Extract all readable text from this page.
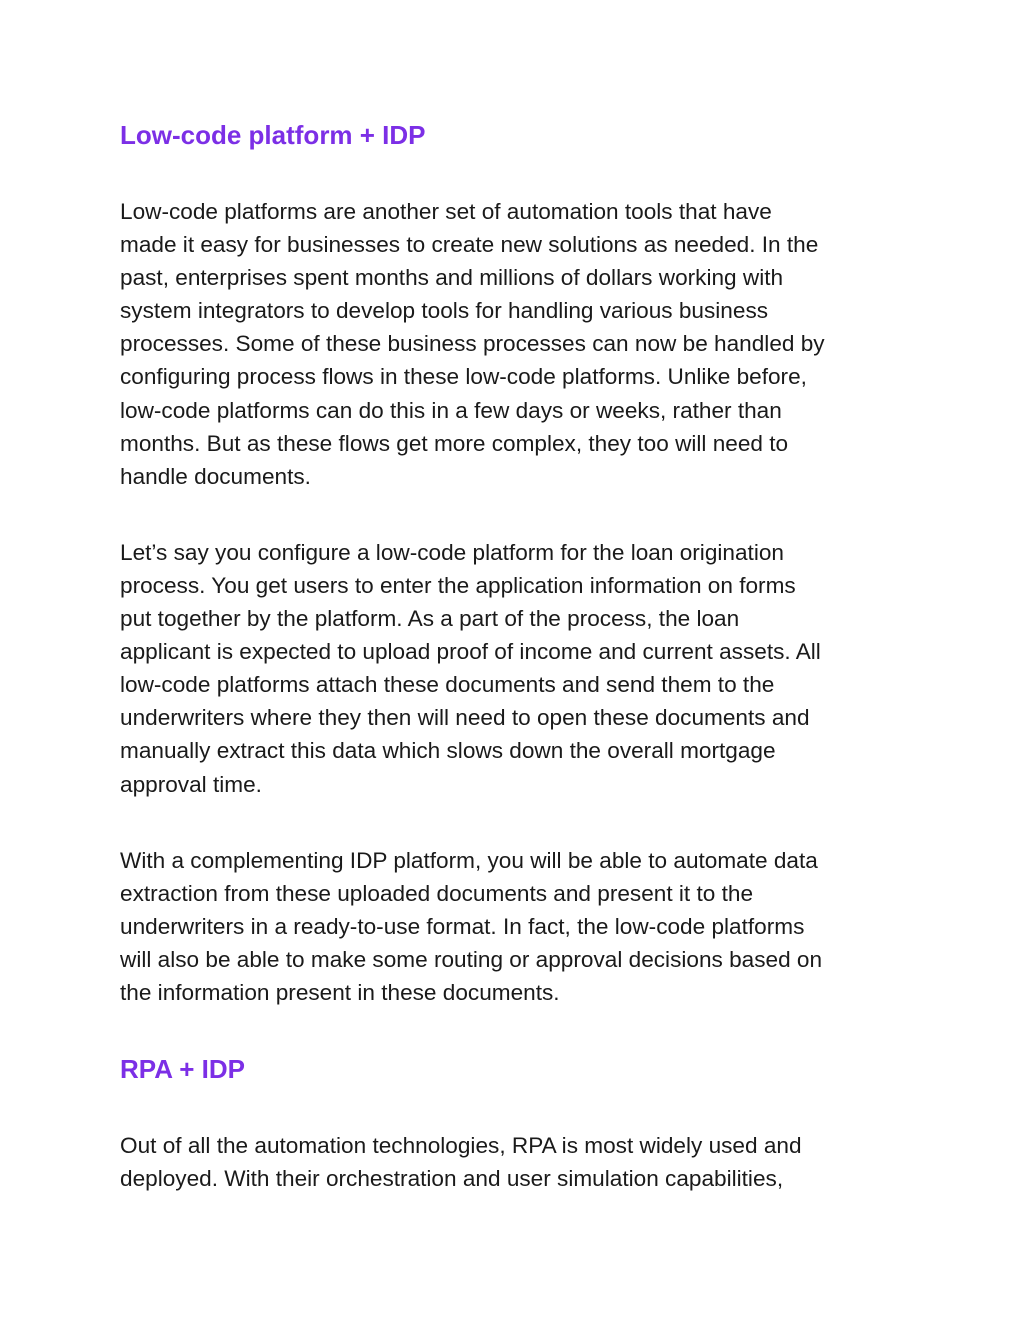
Low-code platform + IDP

Low-code platforms are another set of automation tools that have
made it easy for businesses to create new solutions as needed. In the
past, enterprises spent months and millions of dollars working with
system integrators to develop tools for handling various business
processes. Some of these business processes can now be handled by
configuring process flows in these low-code platforms. Unlike before,
low-code platforms can do this in a few days or weeks, rather than
months. But as these flows get more complex, they too will need to
handle documents.

Let’s say you configure a low-code platform for the loan origination
process. You get users to enter the application information on forms
put together by the platform. As a part of the process, the loan
applicant is expected to upload proof of income and current assets. All
low-code platforms attach these documents and send them to the
underwriters where they then will need to open these documents and
manually extract this data which slows down the overall mortgage
approval time.

With a complementing IDP platform, you will be able to automate data
extraction from these uploaded documents and present it to the
underwriters in a ready-to-use format. In fact, the low-code platforms
will also be able to make some routing or approval decisions based on
the information present in these documents.

RPA + IDP

Out of all the automation technologies, RPA is most widely used and
deployed. With their orchestration and user simulation capabilities,
